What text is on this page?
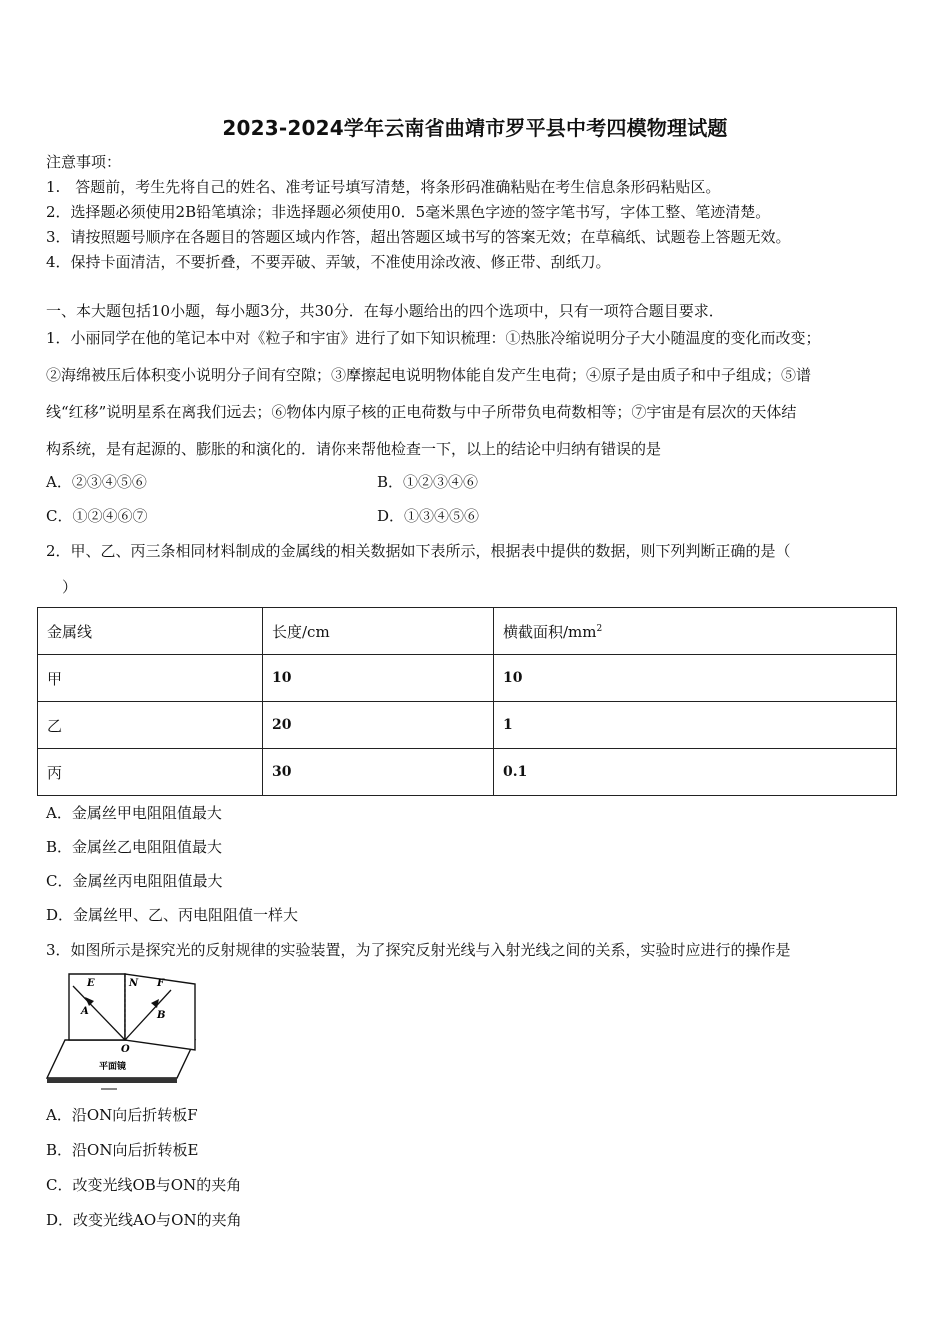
2023-2024学年云南省曲靖市罗平县中考四模物理试题
注意事项：
1.　答题前，考生先将自己的姓名、准考证号填写清楚，将条形码准确粘贴在考生信息条形码粘贴区。
2．选择题必须使用2B铅笔填涂；非选择题必须使用0．5毫米黑色字迹的签字笔书写，字体工整、笔迹清楚。
3．请按照题号顺序在各题目的答题区域内作答，超出答题区域书写的答案无效；在草稿纸、试题卷上答题无效。
4．保持卡面清洁，不要折叠，不要弄破、弄皱，不准使用涂改液、修正带、刮纸刀。
一、本大题包括10小题，每小题3分，共30分．在每小题给出的四个选项中，只有一项符合题目要求．
1．小丽同学在他的笔记本中对《粒子和宇宙》进行了如下知识梳理：①热胀冷缩说明分子大小随温度的变化而改变；
②海绵被压后体积变小说明分子间有空隙；③摩擦起电说明物体能自发产生电荷；④原子是由质子和中子组成；⑤谱
线“红移”说明星系在离我们远去；⑥物体内原子核的正电荷数与中子所带负电荷数相等；⑦宇宙是有层次的天体结
构系统，是有起源的、膨胀的和演化的．请你来帮他检查一下，以上的结论中归纳有错误的是
A．②③④⑤⑥	B．①②③④⑥
C．①②④⑥⑦	D．①③④⑤⑥
2．甲、乙、丙三条相同材料制成的金属线的相关数据如下表所示，根据表中提供的数据，则下列判断正确的是（
）
金属线	长度/cm	横截面积$/mm^2$
甲	10	10
乙	20	1
丙	30	0.1
A．金属丝甲电阻阻值最大
B．金属丝乙电阻阻值最大
C．金属丝丙电阻阻值最大
D．金属丝甲、乙、丙电阻阻值一样大
3．如图所示是探究光的反射规律的实验装置，为了探究反射光线与入射光线之间的关系，实验时应进行的操作是
E	N F
A	B
O
平面镜
A．沿ON向后折转板F
B．沿ON向后折转板E
C．改变光线OB与ON的夹角
D．改变光线AO与ON的夹角
